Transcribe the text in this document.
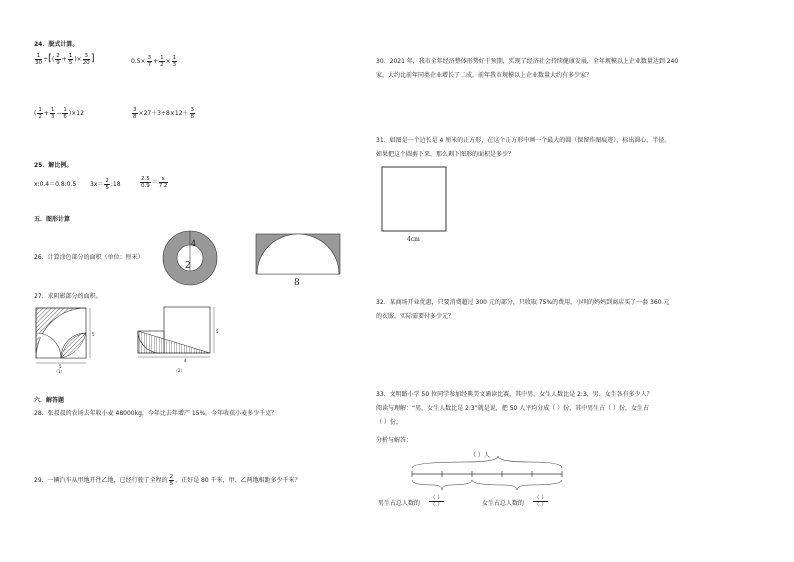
24．脱式计算。
$\frac{1}{30}$ ÷[( $\frac{2}{9} + \frac{1}{5}$ )× $\frac{3}{20}$ ]	$0.5\times \frac{3}{7} + \frac{1}{2} \times \frac{1}{3}$
( $\frac{1}{2} + \frac{1}{3} - \frac{1}{6} )\times 12$	$\frac{3}{8} \times 27+3\div 8\times 12+ \frac{3}{8}$
25．解比例。
x:0.4＝0.8:0.5 $3x= \frac{2}{5}$ :18	$\frac{2.5}{0.9} = \frac{x}{7.2}$
五．图形计算
26．计算涂色部分的面积（单位：厘米）
4
2
8
27．求阴影部分的面积。
5
5
（1）
5
4
（2）
六．解答题
28．张叔叔的农场去年收小麦 48000kg，今年比去年增产 15%。今年收获小麦多少千克？
29．一辆汽车从甲地开往乙地，已经行驶了全程的 $\frac{2}{5}$ ，正好是 80 千米，甲、乙两地相距多少千米？
30．2021 年，我市全年经济整体形势好于预期，实现了经济社会持续健康发展，全年规模以上企业数量达到 240
家，大约比前年同类企业增长了二成，前年我市规模以上企业数量大约有多少家？
31．如图是一个边长是 4 厘米的正方形，在这个正方形中画一个最大的圆（保留作图痕迹），标出圆心、半径。
如果把这个圆剪下来，那么剩下图形的面积是多少？
4cm
32．某商场开业优惠，只要消费超过 300 元的部分，只收取 75%的费用，小明的妈妈到商店买了一套 360 元
的衣服，实际需要付多少元？
33．文明路小学 50 位同学参加经典美文诵读比赛，其中男、女生人数比是 2:3，男、女生各有多少人？
阅读与理解：“男、女生人数比是 2:3”就是说，把 50 人平均分成（ ）份，其中男生占（ ）份，女生占
（ ）份。
分析与解答：
（ ）人
男生占总人数的	女生占总人数的
$\frac{( )}{( )}$	$\frac{( )}{( )}$
